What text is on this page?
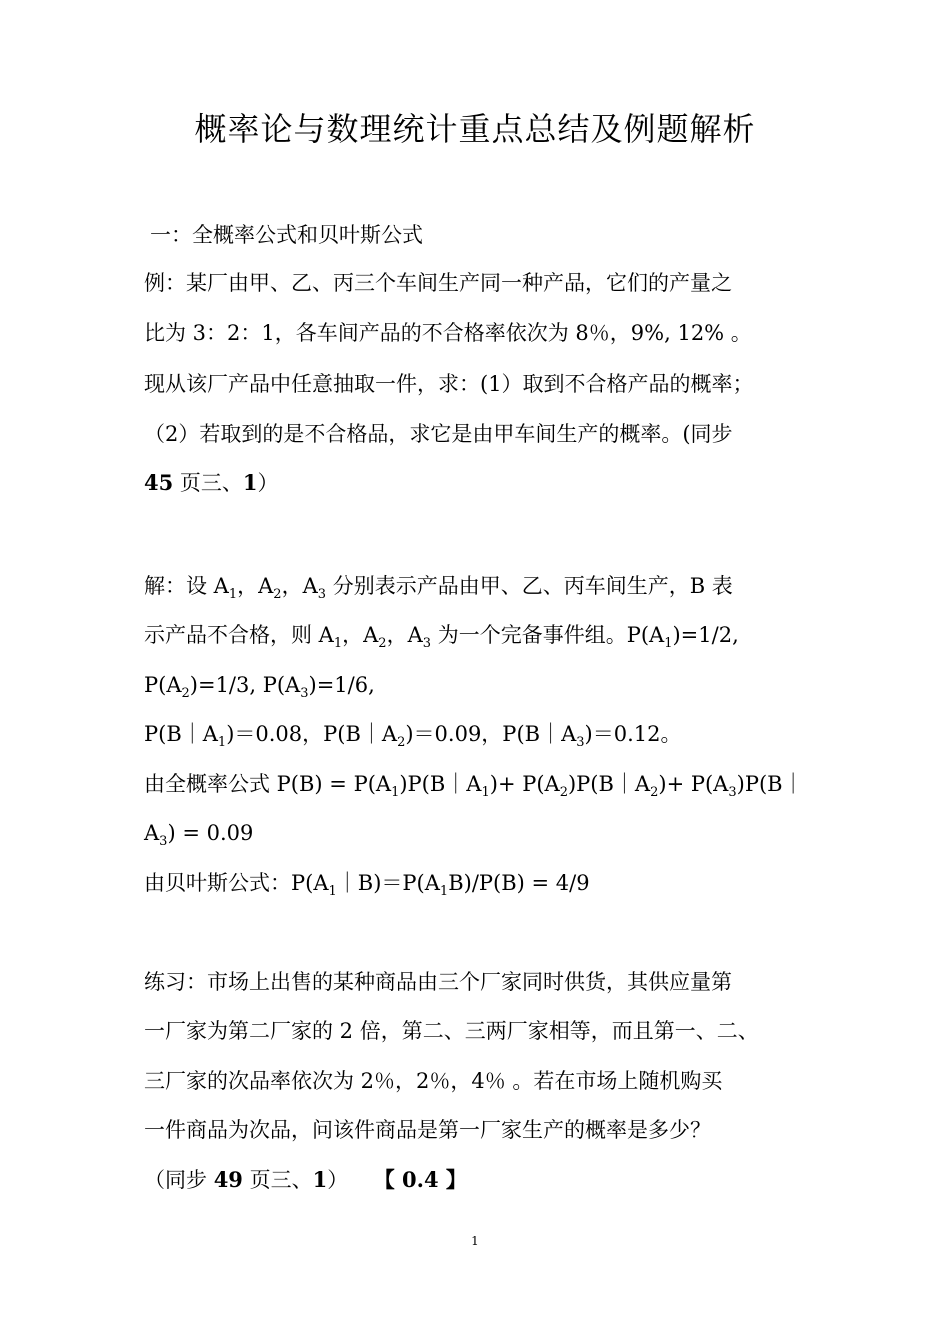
概率论与数理统计重点总结及例题解析

一：全概率公式和贝叶斯公式

例：某厂由甲、乙、丙三个车间生产同一种产品，它们的产量之

比为 3：2：1，各车间产品的不合格率依次为 8％，9%, 12% 。

现从该厂产品中任意抽取一件，求：(1）取到不合格产品的概率；

（2）若取到的是不合格品，求它是由甲车间生产的概率。(同步

45 页三、1）

解：设 $A_1$，$A_2$，$A_3$ 分别表示产品由甲、乙、丙车间生产，B 表

示产品不合格，则 $A_1$，$A_2$，$A_3$ 为一个完备事件组。$P(A_1)=1/2$,

$P(A_2)=1/3$, $P(A_3)=1/6$,

$P(B|A_1)=0.08$，$P(B|A_2)=0.09$，$P(B|A_3)=0.12$。

由全概率公式 $P(B) = P(A_1)P(B|A_1)+$ $P(A_2)P(B|A_2)+$ $P(A_3)P(B|$

$A_3) = 0.09$

由贝叶斯公式：$P(A_1|B)=P(A_1B)/P(B) = 4/9$

练习：市场上出售的某种商品由三个厂家同时供货，其供应量第

一厂家为第二厂家的 2 倍，第二、三两厂家相等，而且第一、二、

三厂家的次品率依次为 2％，2％，4％ 。若在市场上随机购买

一件商品为次品，问该件商品是第一厂家生产的概率是多少？

（同步 49 页三、1） 【 0.4 】

1
